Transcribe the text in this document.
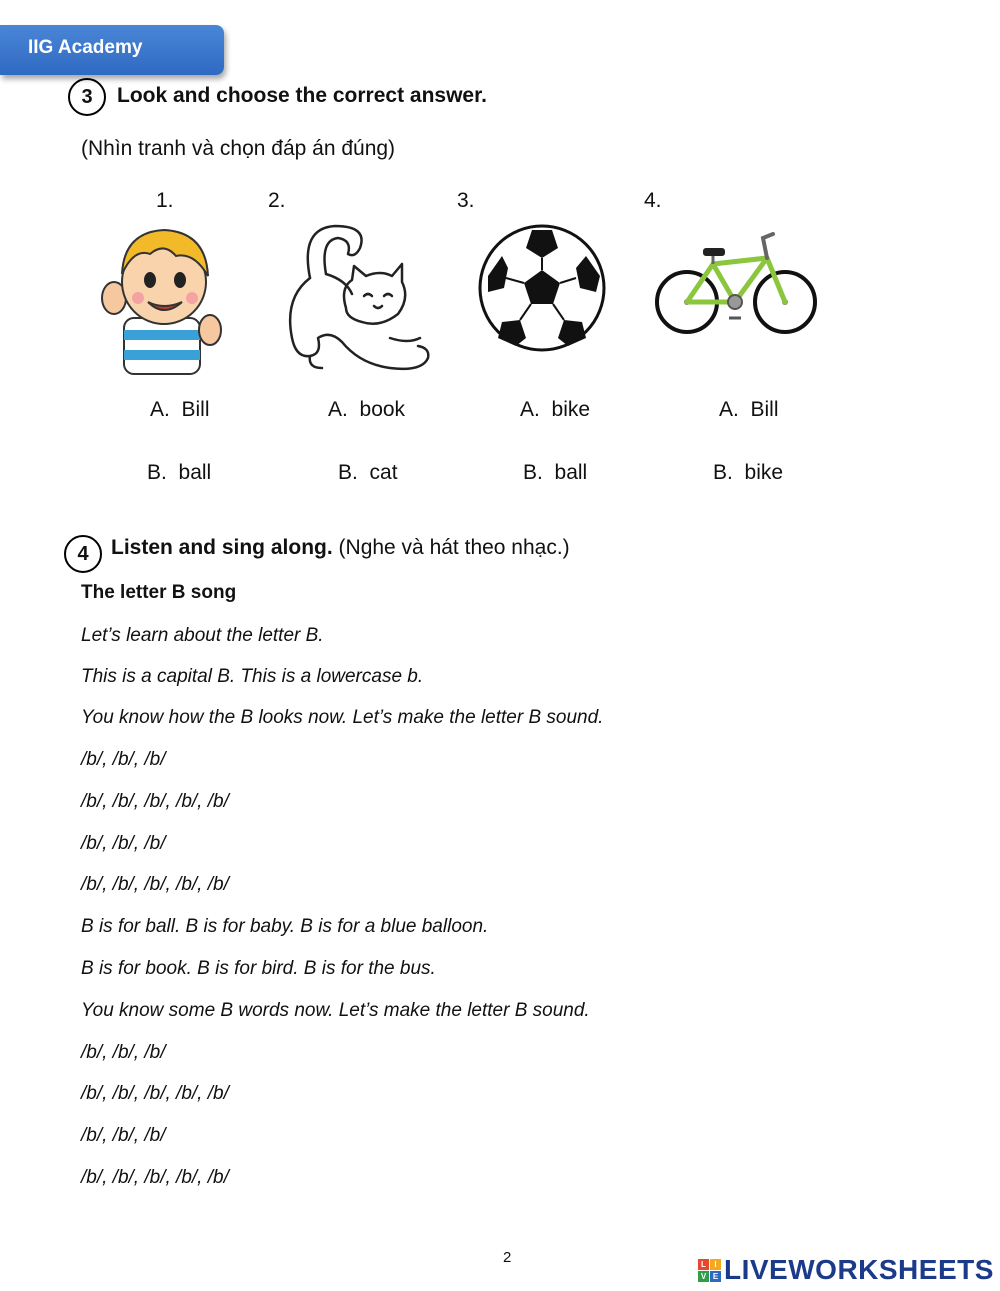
IIG Academy
3	Look and choose the correct answer.
(Nhìn tranh và chọn đáp án đúng)
1.	2.	3.	4.
A.  Bill	A.  book	A.  bike	A.  Bill
B.  ball	B.  cat	B.  ball	B.  bike
4	Listen and sing along. (Nghe và hát theo nhạc.)
The letter B song
Let’s learn about the letter B.
This is a capital B. This is a lowercase b.
You know how the B looks now. Let’s make the letter B sound.
/b/, /b/, /b/
/b/, /b/, /b/, /b/, /b/
/b/, /b/, /b/
/b/, /b/, /b/, /b/, /b/
B is for ball. B is for baby. B is for a blue balloon.
B is for book. B is for bird. B is for the bus.
You know some B words now. Let’s make the letter B sound.
/b/, /b/, /b/
/b/, /b/, /b/, /b/, /b/
/b/, /b/, /b/
/b/, /b/, /b/, /b/, /b/
2	L	I
V E LIVEWORKSHEETS
